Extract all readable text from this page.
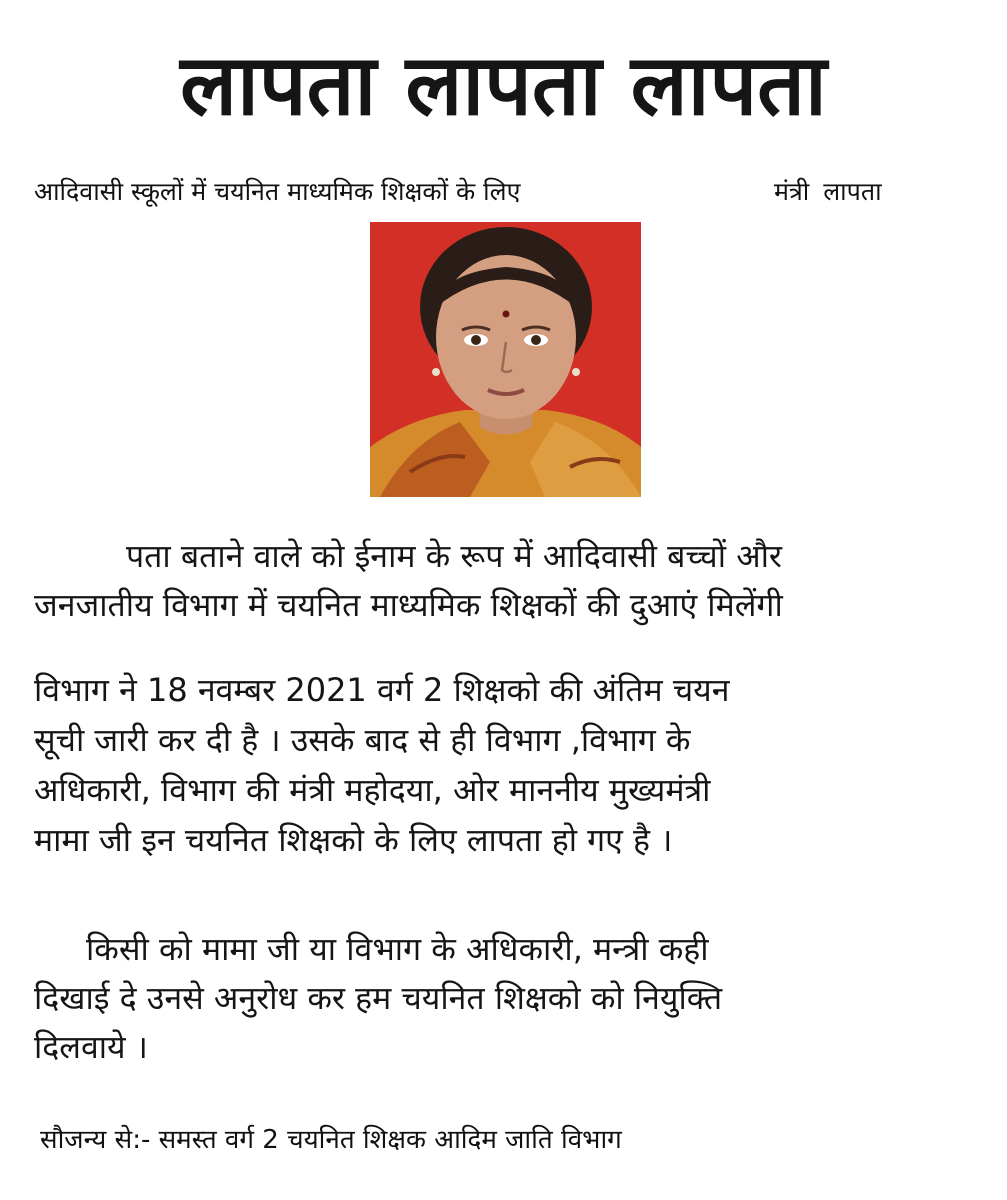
लापता लापता लापता
आदिवासी स्कूलों में चयनित माध्यमिक शिक्षकों के लिए	मंत्री लापता
पता बताने वाले को ईनाम के रूप में आदिवासी बच्चों और
जनजातीय विभाग में चयनित माध्यमिक शिक्षकों की दुआएं मिलेंगी
विभाग ने 18 नवम्बर 2021 वर्ग 2 शिक्षको की अंतिम चयन
सूची जारी कर दी है । उसके बाद से ही विभाग ,विभाग के
अधिकारी, विभाग की मंत्री महोदया, ओर माननीय मुख्यमंत्री
मामा जी इन चयनित शिक्षको के लिए लापता हो गए है ।
किसी को मामा जी या विभाग के अधिकारी, मन्त्री कही
दिखाई दे उनसे अनुरोध कर हम चयनित शिक्षको को नियुक्ति
दिलवाये ।
सौजन्य से:- समस्त वर्ग 2 चयनित शिक्षक आदिम जाति विभाग
